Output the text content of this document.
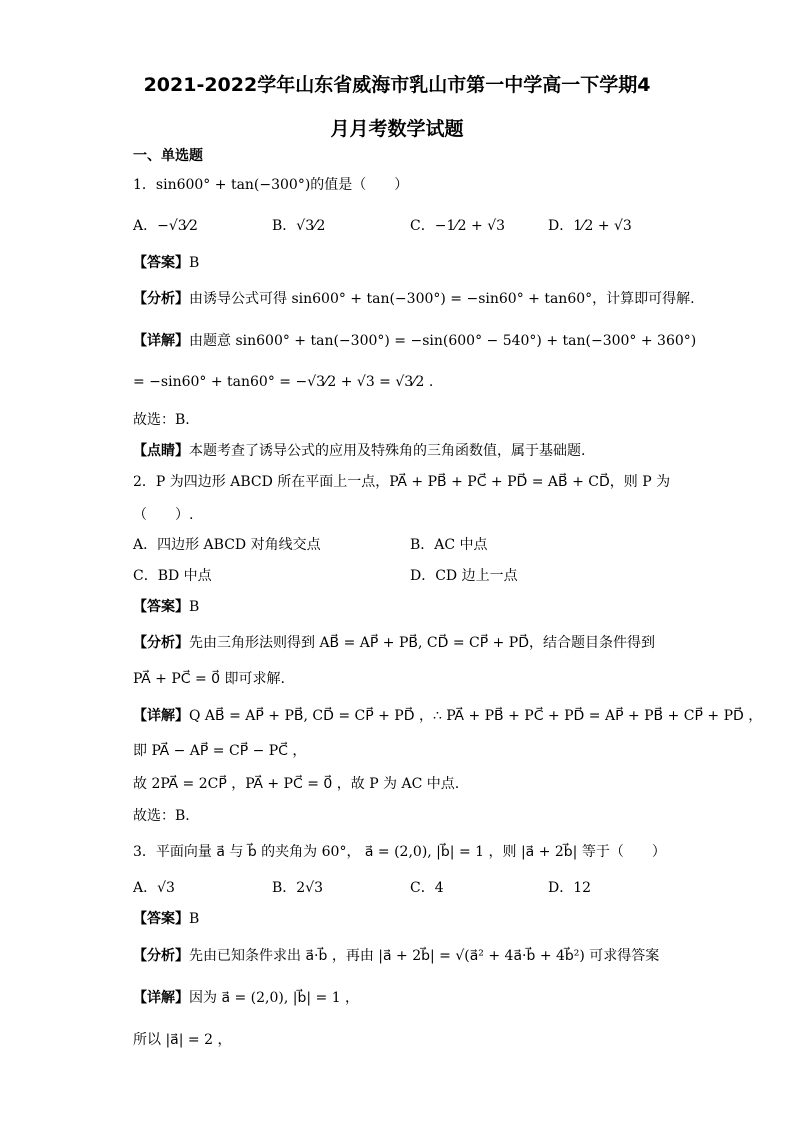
2021-2022学年山东省威海市乳山市第一中学高一下学期4
月月考数学试题
一、单选题
1．sin600° + tan(−300°)的值是（　　）
A．−√3⁄2	B．√3⁄2	C．−1⁄2 + √3	D．1⁄2 + √3
【答案】B
【分析】由诱导公式可得 sin600° + tan(−300°) = −sin60° + tan60°，计算即可得解.
【详解】由题意 sin600° + tan(−300°) = −sin(600° − 540°) + tan(−300° + 360°)
= −sin60° + tan60° = −√3⁄2 + √3 = √3⁄2 .
故选：B.
【点睛】本题考查了诱导公式的应用及特殊角的三角函数值，属于基础题.
2．P 为四边形 ABCD 所在平面上一点，PA⃗ + PB⃗ + PC⃗ + PD⃗ = AB⃗ + CD⃗，则 P 为
（　　）.
A．四边形 ABCD 对角线交点	B．AC 中点
C．BD 中点	D．CD 边上一点
【答案】B
【分析】先由三角形法则得到 AB⃗ = AP⃗ + PB⃗, CD⃗ = CP⃗ + PD⃗，结合题目条件得到
PA⃗ + PC⃗ = 0⃗ 即可求解.
【详解】Q AB⃗ = AP⃗ + PB⃗, CD⃗ = CP⃗ + PD⃗ ，∴ PA⃗ + PB⃗ + PC⃗ + PD⃗ = AP⃗ + PB⃗ + CP⃗ + PD⃗ ，
即 PA⃗ − AP⃗ = CP⃗ − PC⃗ ，
故 2PA⃗ = 2CP⃗ ，PA⃗ + PC⃗ = 0⃗ ，故 P 为 AC 中点.
故选：B.
3．平面向量 a⃗ 与 b⃗ 的夹角为 60°， a⃗ = (2,0), |b⃗| = 1 ，则 |a⃗ + 2b⃗| 等于（　　）
A．√3	B．2√3	C．4	D．12
【答案】B
【分析】先由已知条件求出 a⃗·b⃗ ，再由 |a⃗ + 2b⃗| = √(a⃗² + 4a⃗·b⃗ + 4b⃗²) 可求得答案
【详解】因为 a⃗ = (2,0), |b⃗| = 1 ，
所以 |a⃗| = 2 ，
